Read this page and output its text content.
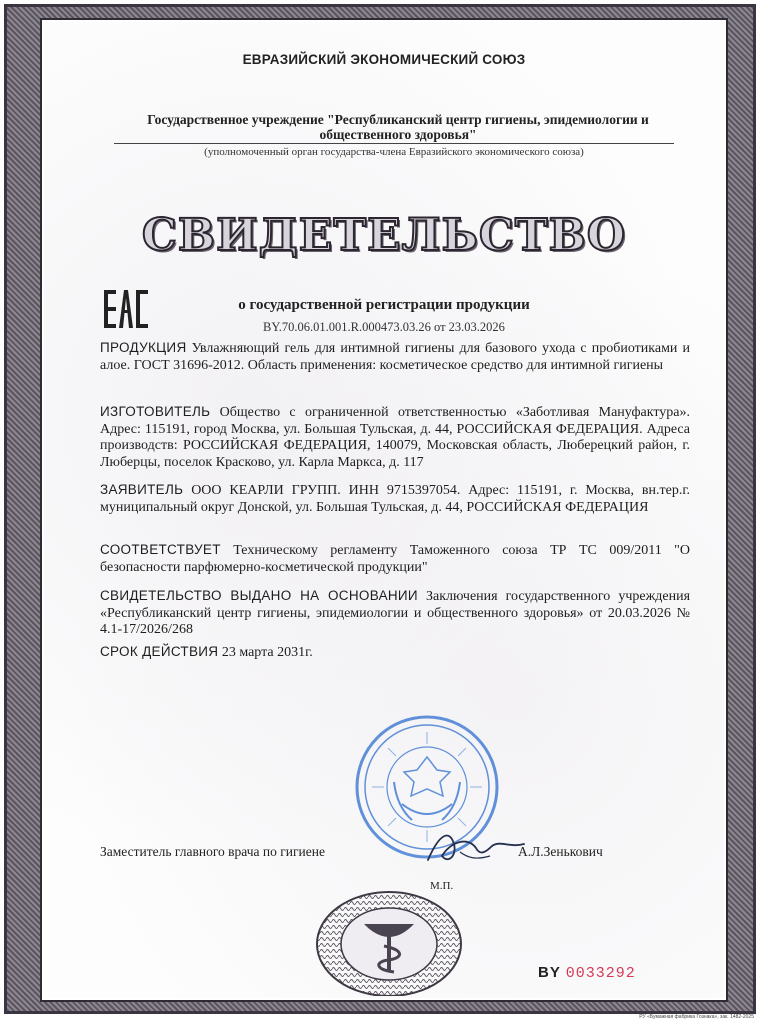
ЕВРАЗИЙСКИЙ ЭКОНОМИЧЕСКИЙ СОЮЗ
Государственное учреждение "Республиканский центр гигиены, эпидемиологии и общественного здоровья"
(уполномоченный орган государства-члена Евразийского экономического союза)
СВИДЕТЕЛЬСТВО
о государственной регистрации продукции
BY.70.06.01.001.R.000473.03.26 от 23.03.2026
ПРОДУКЦИЯ Увлажняющий гель для интимной гигиены для базового ухода с пробиотиками и алое. ГОСТ 31696-2012. Область применения: косметическое средство для интимной гигиены
ИЗГОТОВИТЕЛЬ Общество с ограниченной ответственностью «Заботливая Мануфактура». Адрес: 115191, город Москва, ул. Большая Тульская, д. 44, РОССИЙСКАЯ ФЕДЕРАЦИЯ. Адреса производств: РОССИЙСКАЯ ФЕДЕРАЦИЯ, 140079, Московская область, Люберецкий район, г. Люберцы, поселок Красково, ул. Карла Маркса, д. 117
ЗАЯВИТЕЛЬ ООО КЕАРЛИ ГРУПП. ИНН 9715397054. Адрес: 115191, г. Москва, вн.тер.г. муниципальный округ Донской, ул. Большая Тульская, д. 44, РОССИЙСКАЯ ФЕДЕРАЦИЯ
СООТВЕТСТВУЕТ Техническому регламенту Таможенного союза ТР ТС 009/2011 "О безопасности парфюмерно-косметической продукции"
СВИДЕТЕЛЬСТВО ВЫДАНО НА ОСНОВАНИИ Заключения государственного учреждения «Республиканский центр гигиены, эпидемиологии и общественного здоровья» от 20.03.2026 № 4.1-17/2026/268
СРОК ДЕЙСТВИЯ 23 марта 2031г.
Заместитель главного врача по гигиене	А.Л.Зенькович
М.П.
BY 0033292
РУ «Бумажная фабрика Гознака», зак. 1482-2025
